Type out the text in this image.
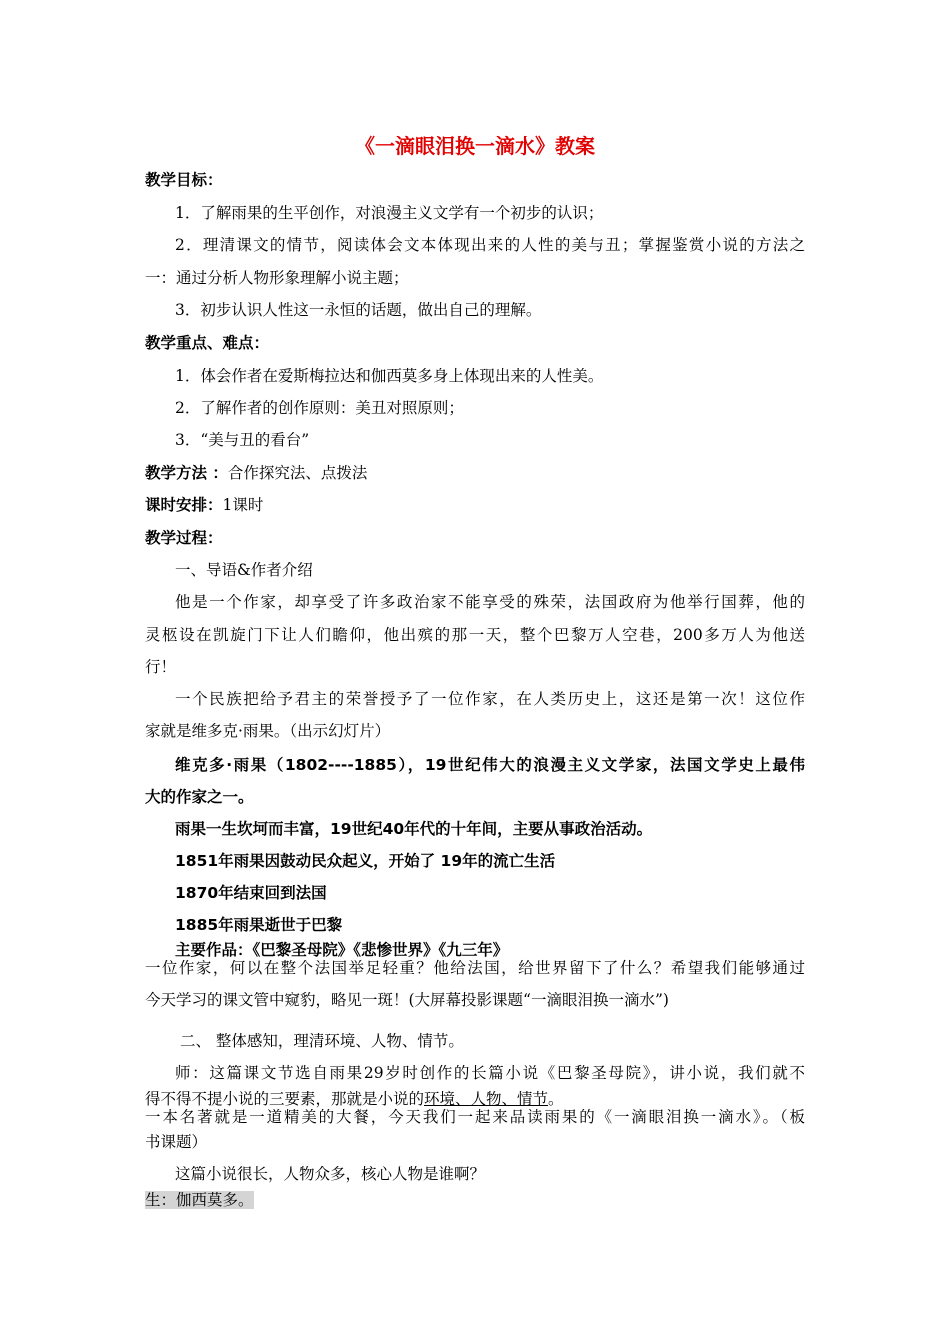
《一滴眼泪换一滴水》教案
教学目标：
1．了解雨果的生平创作，对浪漫主义文学有一个初步的认识；
2．理清课文的情节，阅读体会文本体现出来的人性的美与丑；掌握鉴赏小说的方法之
一：通过分析人物形象理解小说主题；
3．初步认识人性这一永恒的话题，做出自己的理解。
教学重点、难点：
1．体会作者在爱斯梅拉达和伽西莫多身上体现出来的人性美。
2．了解作者的创作原则：美丑对照原则；
3．“美与丑的看台”
教学方法 ：合作探究法、点拨法
课时安排：1课时
教学过程：
一、导语&作者介绍
他是一个作家，却享受了许多政治家不能享受的殊荣，法国政府为他举行国葬，他的
灵柩设在凯旋门下让人们瞻仰，他出殡的那一天，整个巴黎万人空巷，200多万人为他送
行！
一个民族把给予君主的荣誉授予了一位作家，在人类历史上，这还是第一次！这位作
家就是维多克·雨果。（出示幻灯片）
维克多·雨果（1802----1885），19世纪伟大的浪漫主义文学家，法国文学史上最伟
大的作家之一。
雨果一生坎坷而丰富，19世纪40年代的十年间，主要从事政治活动。
1851年雨果因鼓动民众起义，开始了 19年的流亡生活
1870年结束回到法国
1885年雨果逝世于巴黎
主要作品：《巴黎圣母院》《悲惨世界》《九三年》
一位作家，何以在整个法国举足轻重？他给法国，给世界留下了什么？希望我们能够通过
今天学习的课文管中窥豹，略见一斑！(大屏幕投影课题“一滴眼泪换一滴水”)
二、 整体感知，理清环境、人物、情节。
师：这篇课文节选自雨果29岁时创作的长篇小说《巴黎圣母院》，讲小说，我们就不
得不得不提小说的三要素，那就是小说的环境、人物、情节。
一本名著就是一道精美的大餐，今天我们一起来品读雨果的《一滴眼泪换一滴水》。（板
书课题）
这篇小说很长，人物众多，核心人物是谁啊？
生：伽西莫多。
